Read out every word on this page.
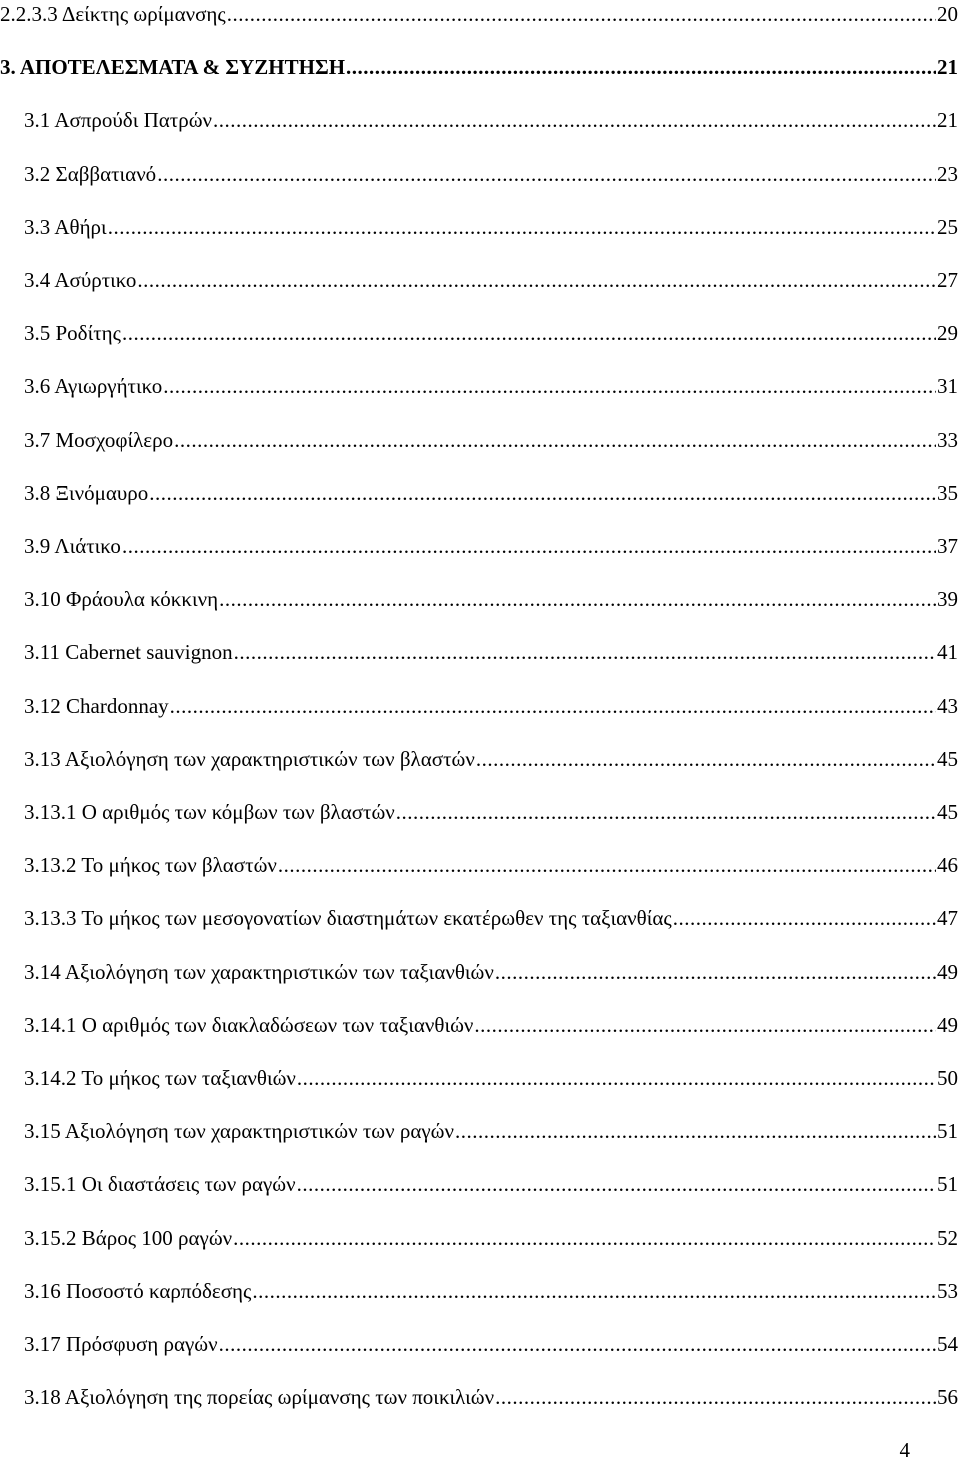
2.2.3.3 Δείκτης ωρίμανσης .....	20
3. ΑΠΟΤΕΛΕΣΜΑΤΑ & ΣΥΖΗΤΗΣΗ .....	21
3.1 Ασπρούδι Πατρών .....	21
3.2 Σαββατιανό .....	23
3.3 Αθήρι .....	25
3.4 Ασύρτικο .....	27
3.5 Ροδίτης .....	29
3.6 Αγιωργήτικο .....	31
3.7 Μοσχοφίλερο .....	33
3.8 Ξινόμαυρο .....	35
3.9 Λιάτικο .....	37
3.10 Φράουλα κόκκινη .....	39
3.11 Cabernet sauvignon .....	41
3.12 Chardonnay .....	43
3.13 Αξιολόγηση των χαρακτηριστικών των βλαστών .....	45
3.13.1 Ο αριθμός των κόμβων των βλαστών .....	45
3.13.2 Το μήκος των βλαστών .....	46
3.13.3 Το μήκος των μεσογονατίων διαστημάτων εκατέρωθεν της ταξιανθίας .....	47
3.14 Αξιολόγηση των χαρακτηριστικών των ταξιανθιών .....	49
3.14.1 Ο αριθμός των διακλαδώσεων των ταξιανθιών .....	49
3.14.2 Το μήκος των ταξιανθιών .....	50
3.15 Αξιολόγηση των χαρακτηριστικών των ραγών .....	51
3.15.1 Οι διαστάσεις των ραγών .....	51
3.15.2 Βάρος 100 ραγών .....	52
3.16 Ποσοστό καρπόδεσης .....	53
3.17 Πρόσφυση ραγών .....	54
3.18 Αξιολόγηση της πορείας ωρίμανσης των ποικιλιών .....	56
4
